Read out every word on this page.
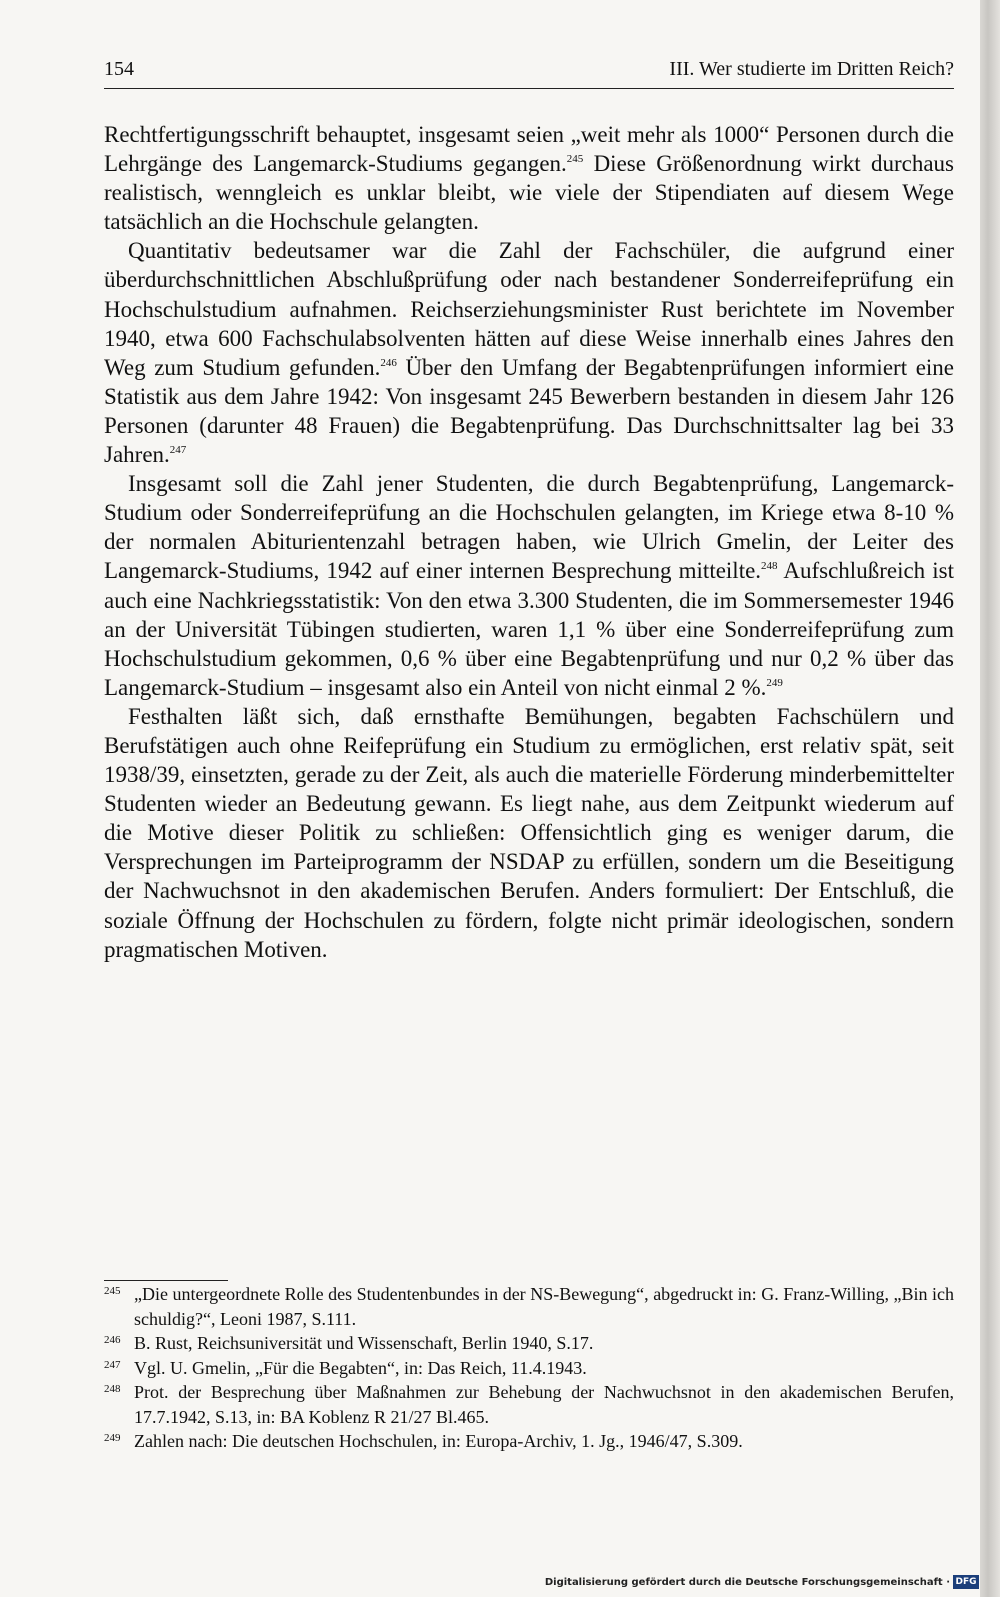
154	III. Wer studierte im Dritten Reich?

Rechtfertigungsschrift behauptet, insgesamt seien „weit mehr als 1000“ Personen durch die Lehrgänge des Langemarck-Studiums gegangen.$^{245}$ Diese Größenordnung wirkt durchaus realistisch, wenngleich es unklar bleibt, wie viele der Stipendiaten auf diesem Wege tatsächlich an die Hochschule gelangten.

Quantitativ bedeutsamer war die Zahl der Fachschüler, die aufgrund einer überdurchschnittlichen Abschlußprüfung oder nach bestandener Sonderreifeprüfung ein Hochschulstudium aufnahmen. Reichserziehungsminister Rust berichtete im November 1940, etwa 600 Fachschulabsolventen hätten auf diese Weise innerhalb eines Jahres den Weg zum Studium gefunden.$^{246}$ Über den Umfang der Begabtenprüfungen informiert eine Statistik aus dem Jahre 1942: Von insgesamt 245 Bewerbern bestanden in diesem Jahr 126 Personen (darunter 48 Frauen) die Begabtenprüfung. Das Durchschnittsalter lag bei 33 Jahren.$^{247}$

Insgesamt soll die Zahl jener Studenten, die durch Begabtenprüfung, Langemarck-Studium oder Sonderreifeprüfung an die Hochschulen gelangten, im Kriege etwa 8-10 % der normalen Abiturientenzahl betragen haben, wie Ulrich Gmelin, der Leiter des Langemarck-Studiums, 1942 auf einer internen Besprechung mitteilte.$^{248}$ Aufschlußreich ist auch eine Nachkriegsstatistik: Von den etwa 3.300 Studenten, die im Sommersemester 1946 an der Universität Tübingen studierten, waren 1,1 % über eine Sonderreifeprüfung zum Hochschulstudium gekommen, 0,6 % über eine Begabtenprüfung und nur 0,2 % über das Langemarck-Studium – insgesamt also ein Anteil von nicht einmal 2 %.$^{249}$

Festhalten läßt sich, daß ernsthafte Bemühungen, begabten Fachschülern und Berufstätigen auch ohne Reifeprüfung ein Studium zu ermöglichen, erst relativ spät, seit 1938/39, einsetzten, gerade zu der Zeit, als auch die materielle Förderung minderbemittelter Studenten wieder an Bedeutung gewann. Es liegt nahe, aus dem Zeitpunkt wiederum auf die Motive dieser Politik zu schließen: Offensichtlich ging es weniger darum, die Versprechungen im Parteiprogramm der NSDAP zu erfüllen, sondern um die Beseitigung der Nachwuchsnot in den akademischen Berufen. Anders formuliert: Der Entschluß, die soziale Öffnung der Hochschulen zu fördern, folgte nicht primär ideologischen, sondern pragmatischen Motiven.

245 „Die untergeordnete Rolle des Studentenbundes in der NS-Bewegung“, abgedruckt in: G. Franz-Willing, „Bin ich schuldig?“, Leoni 1987, S.111.
246 B. Rust, Reichsuniversität und Wissenschaft, Berlin 1940, S.17.
247 Vgl. U. Gmelin, „Für die Begabten“, in: Das Reich, 11.4.1943.
248 Prot. der Besprechung über Maßnahmen zur Behebung der Nachwuchsnot in den akademischen Berufen, 17.7.1942, S.13, in: BA Koblenz R 21/27 Bl.465.
249 Zahlen nach: Die deutschen Hochschulen, in: Europa-Archiv, 1. Jg., 1946/47, S.309.
Digitalisierung gefördert durch die Deutsche Forschungsgemeinschaft · DFG
